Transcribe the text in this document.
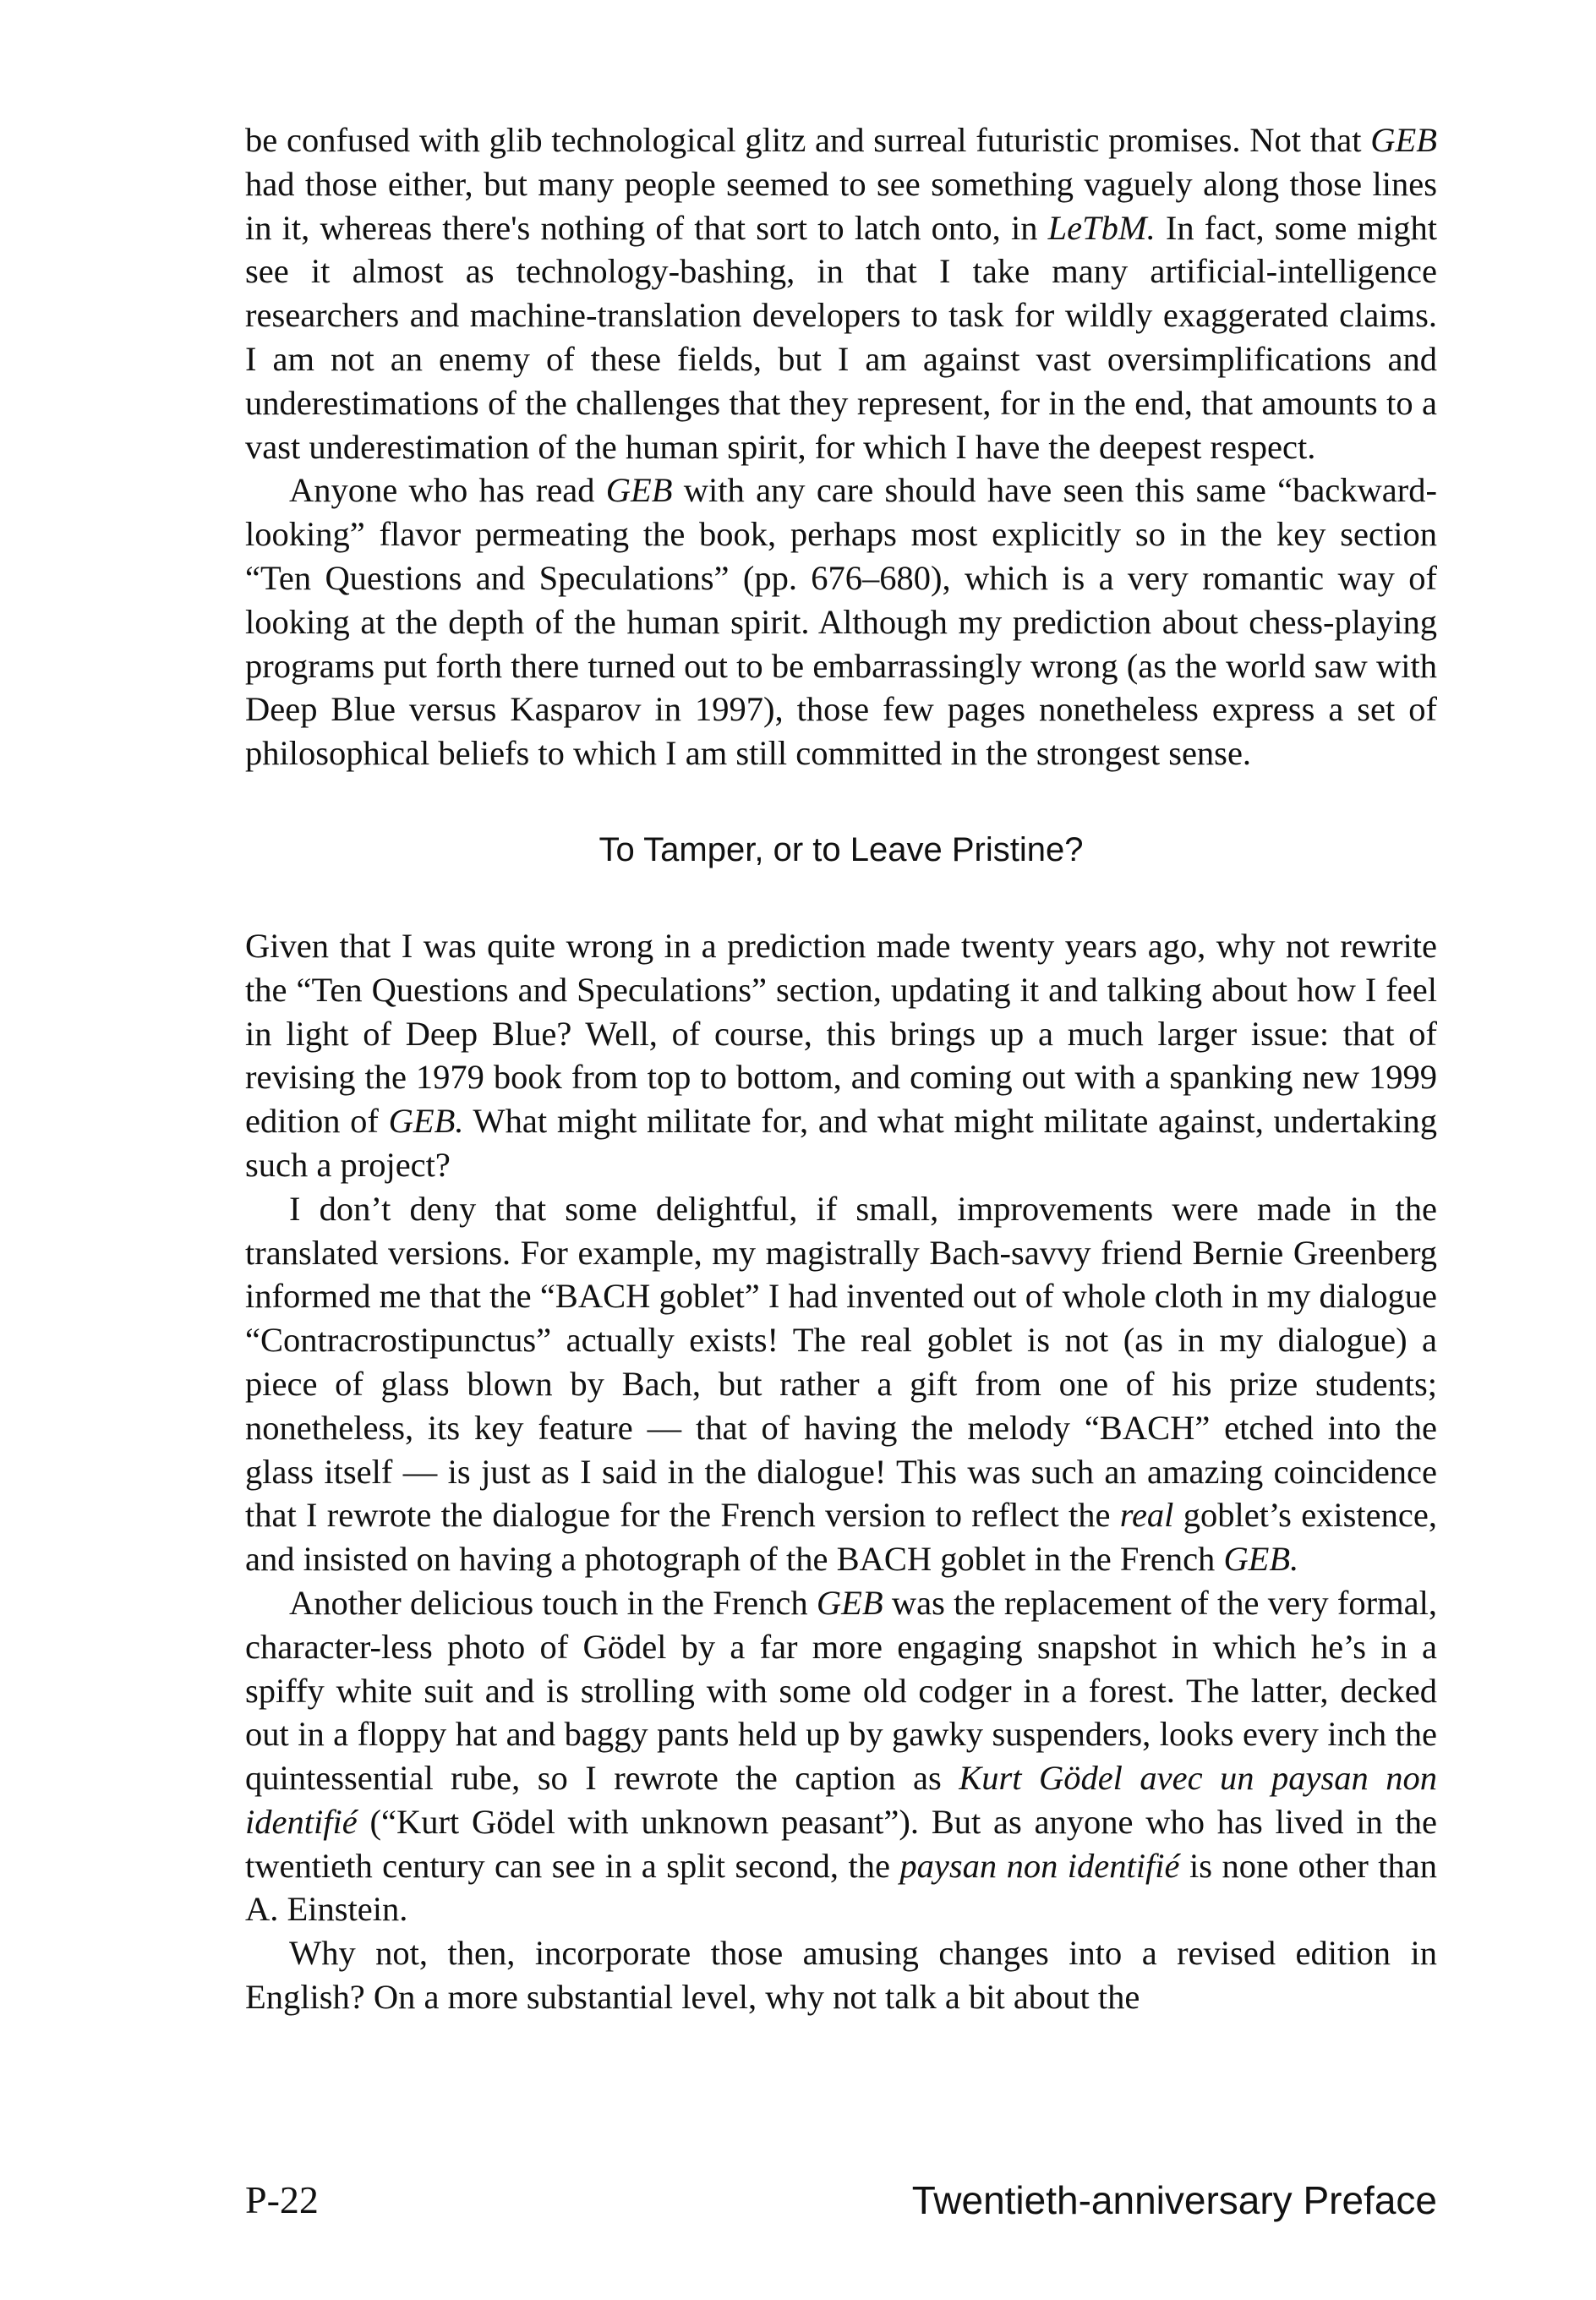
be confused with glib technological glitz and surreal futuristic promises. Not that GEB had those either, but many people seemed to see something vaguely along those lines in it, whereas there's nothing of that sort to latch onto, in LeTbM. In fact, some might see it almost as technology-bashing, in that I take many artificial-intelligence researchers and machine-translation developers to task for wildly exaggerated claims. I am not an enemy of these fields, but I am against vast oversimplifications and underestimations of the challenges that they represent, for in the end, that amounts to a vast underestimation of the human spirit, for which I have the deepest respect.

Anyone who has read GEB with any care should have seen this same “backward-looking” flavor permeating the book, perhaps most explicitly so in the key section “Ten Questions and Speculations” (pp. 676–680), which is a very romantic way of looking at the depth of the human spirit. Although my prediction about chess-playing programs put forth there turned out to be embarrassingly wrong (as the world saw with Deep Blue versus Kasparov in 1997), those few pages nonetheless express a set of philosophical beliefs to which I am still committed in the strongest sense.

To Tamper, or to Leave Pristine?

Given that I was quite wrong in a prediction made twenty years ago, why not rewrite the “Ten Questions and Speculations” section, updating it and talking about how I feel in light of Deep Blue? Well, of course, this brings up a much larger issue: that of revising the 1979 book from top to bottom, and coming out with a spanking new 1999 edition of GEB. What might militate for, and what might militate against, undertaking such a project?

I don’t deny that some delightful, if small, improvements were made in the translated versions. For example, my magistrally Bach-savvy friend Bernie Greenberg informed me that the “BACH goblet” I had invented out of whole cloth in my dialogue “Contracrostipunctus” actually exists! The real goblet is not (as in my dialogue) a piece of glass blown by Bach, but rather a gift from one of his prize students; nonetheless, its key feature — that of having the melody “BACH” etched into the glass itself — is just as I said in the dialogue! This was such an amazing coincidence that I rewrote the dialogue for the French version to reflect the real goblet’s existence, and insisted on having a photograph of the BACH goblet in the French GEB.

Another delicious touch in the French GEB was the replacement of the very formal, character-less photo of Gödel by a far more engaging snapshot in which he’s in a spiffy white suit and is strolling with some old codger in a forest. The latter, decked out in a floppy hat and baggy pants held up by gawky suspenders, looks every inch the quintessential rube, so I rewrote the caption as Kurt Gödel avec un paysan non identifié (“Kurt Gödel with unknown peasant”). But as anyone who has lived in the twentieth century can see in a split second, the paysan non identifié is none other than A. Einstein.

Why not, then, incorporate those amusing changes into a revised edition in English? On a more substantial level, why not talk a bit about the

P-22	Twentieth-anniversary Preface
